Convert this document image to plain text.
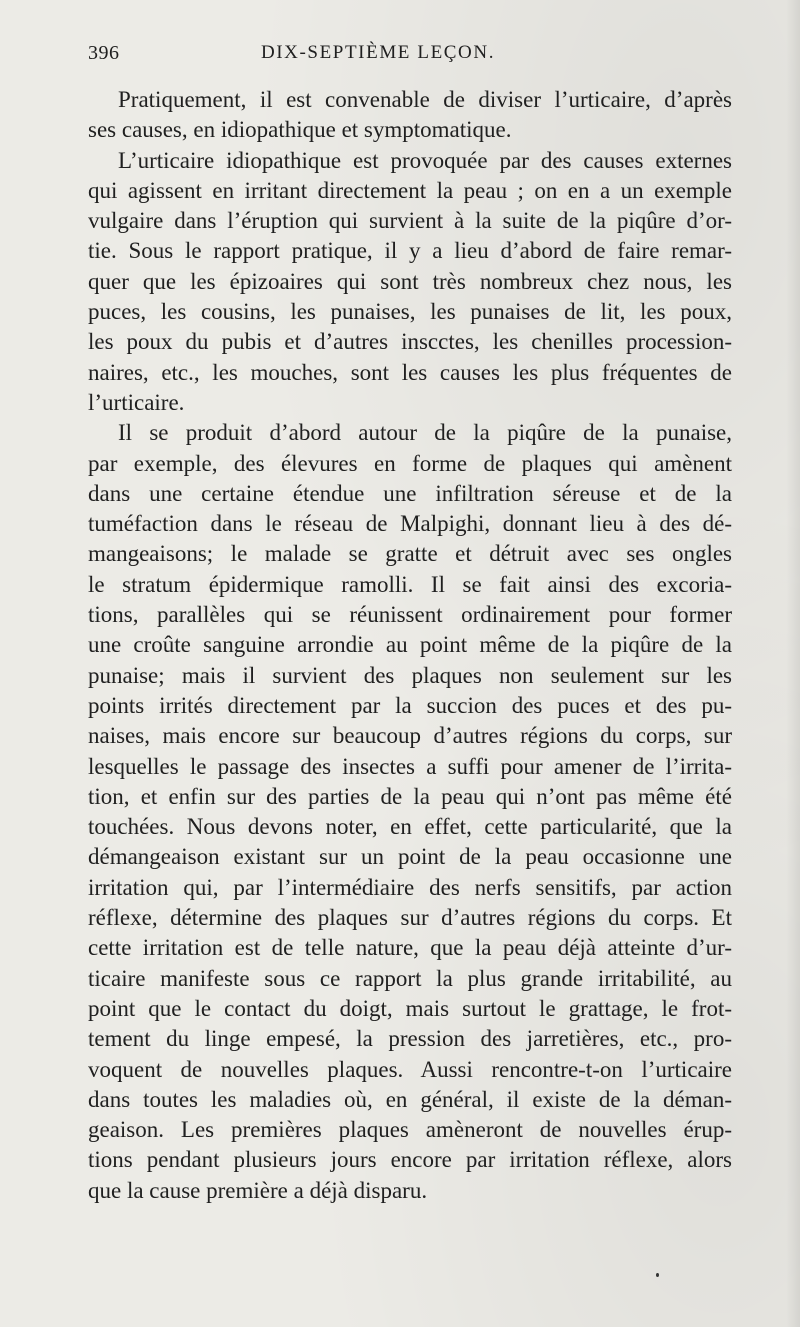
396	DIX-SEPTIÈME LEÇON.

Pratiquement, il est convenable de diviser l’urticaire, d’après
ses causes, en idiopathique et symptomatique.

L’urticaire idiopathique est provoquée par des causes externes
qui agissent en irritant directement la peau ; on en a un exemple
vulgaire dans l’éruption qui survient à la suite de la piqûre d’or-
tie. Sous le rapport pratique, il y a lieu d’abord de faire remar-
quer que les épizoaires qui sont très nombreux chez nous, les
puces, les cousins, les punaises, les punaises de lit, les poux,
les poux du pubis et d’autres inscctes, les chenilles procession-
naires, etc., les mouches, sont les causes les plus fréquentes de
l’urticaire.

Il se produit d’abord autour de la piqûre de la punaise,
par exemple, des élevures en forme de plaques qui amènent
dans une certaine étendue une infiltration séreuse et de la
tuméfaction dans le réseau de Malpighi, donnant lieu à des dé-
mangeaisons; le malade se gratte et détruit avec ses ongles
le stratum épidermique ramolli. Il se fait ainsi des excoria-
tions, parallèles qui se réunissent ordinairement pour former
une croûte sanguine arrondie au point même de la piqûre de la
punaise; mais il survient des plaques non seulement sur les
points irrités directement par la succion des puces et des pu-
naises, mais encore sur beaucoup d’autres régions du corps, sur
lesquelles le passage des insectes a suffi pour amener de l’irrita-
tion, et enfin sur des parties de la peau qui n’ont pas même été
touchées. Nous devons noter, en effet, cette particularité, que la
démangeaison existant sur un point de la peau occasionne une
irritation qui, par l’intermédiaire des nerfs sensitifs, par action
réflexe, détermine des plaques sur d’autres régions du corps. Et
cette irritation est de telle nature, que la peau déjà atteinte d’ur-
ticaire manifeste sous ce rapport la plus grande irritabilité, au
point que le contact du doigt, mais surtout le grattage, le frot-
tement du linge empesé, la pression des jarretières, etc., pro-
voquent de nouvelles plaques. Aussi rencontre-t-on l’urticaire
dans toutes les maladies où, en général, il existe de la déman-
geaison. Les premières plaques amèneront de nouvelles érup-
tions pendant plusieurs jours encore par irritation réflexe, alors
que la cause première a déjà disparu.
